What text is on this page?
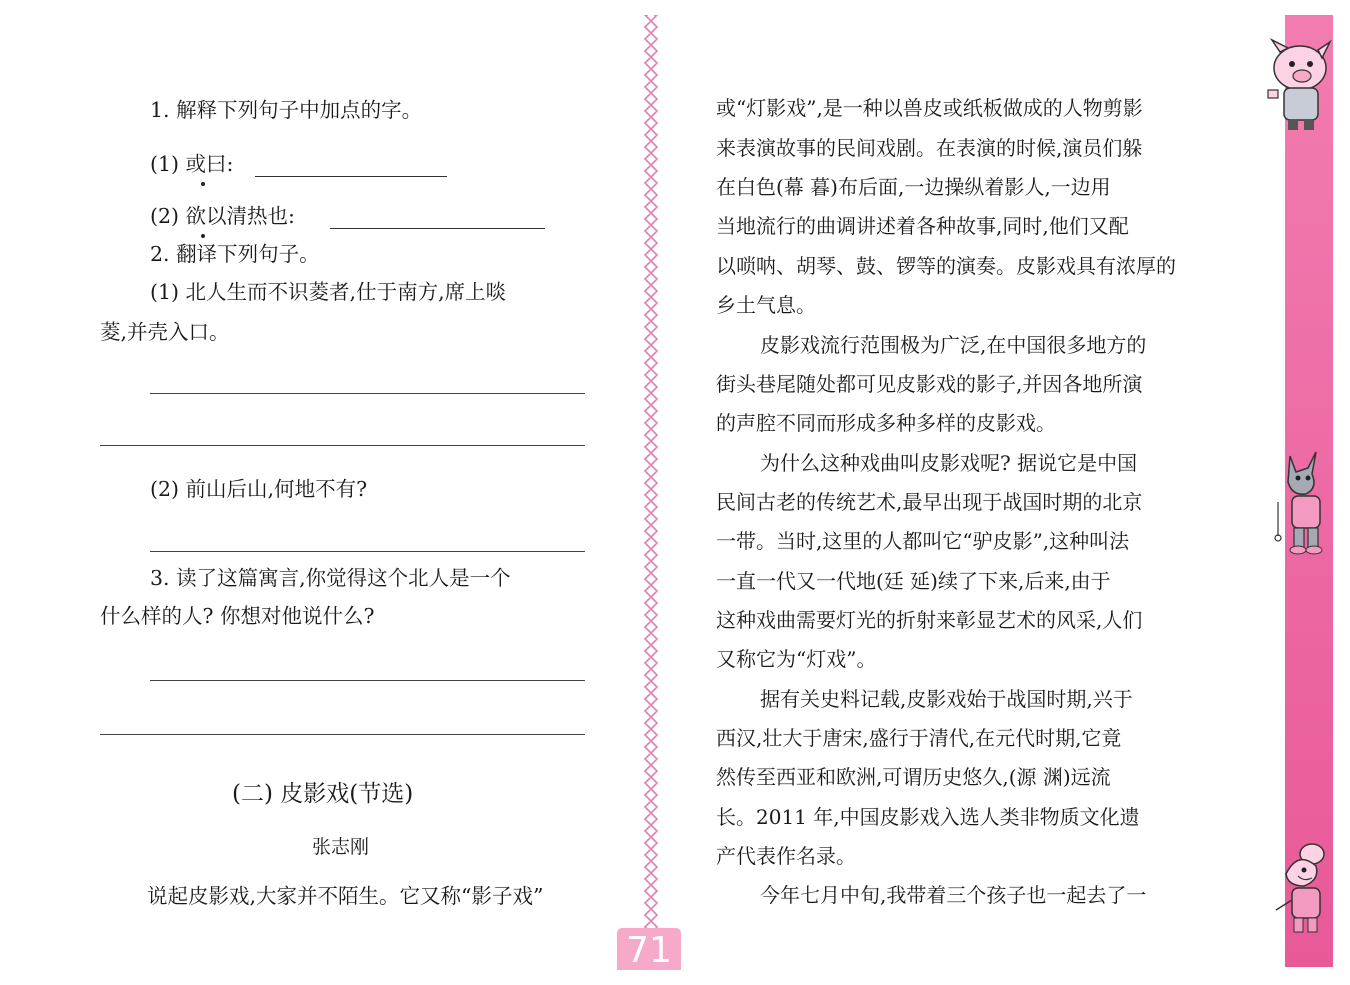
1. 解释下列句子中加点的字。
(1) 或曰:
(2) 欲以清热也:
2. 翻译下列句子。
(1) 北人生而不识菱者,仕于南方,席上啖
菱,并壳入口。
(2) 前山后山,何地不有?
3. 读了这篇寓言,你觉得这个北人是一个
什么样的人? 你想对他说什么?
(二) 皮影戏(节选)
张志刚
说起皮影戏,大家并不陌生。它又称“影子戏”
71
或“灯影戏”,是一种以兽皮或纸板做成的人物剪影
来表演故事的民间戏剧。在表演的时候,演员们躲
在白色(幕 暮)布后面,一边操纵着影人,一边用
当地流行的曲调讲述着各种故事,同时,他们又配
以唢呐、胡琴、鼓、锣等的演奏。皮影戏具有浓厚的
乡土气息。
皮影戏流行范围极为广泛,在中国很多地方的
街头巷尾随处都可见皮影戏的影子,并因各地所演
的声腔不同而形成多种多样的皮影戏。
为什么这种戏曲叫皮影戏呢? 据说它是中国
民间古老的传统艺术,最早出现于战国时期的北京
一带。当时,这里的人都叫它“驴皮影”,这种叫法
一直一代又一代地(廷 延)续了下来,后来,由于
这种戏曲需要灯光的折射来彰显艺术的风采,人们
又称它为“灯戏”。
据有关史料记载,皮影戏始于战国时期,兴于
西汉,壮大于唐宋,盛行于清代,在元代时期,它竟
然传至西亚和欧洲,可谓历史悠久,(源 渊)远流
长。2011 年,中国皮影戏入选人类非物质文化遗
产代表作名录。
今年七月中旬,我带着三个孩子也一起去了一
